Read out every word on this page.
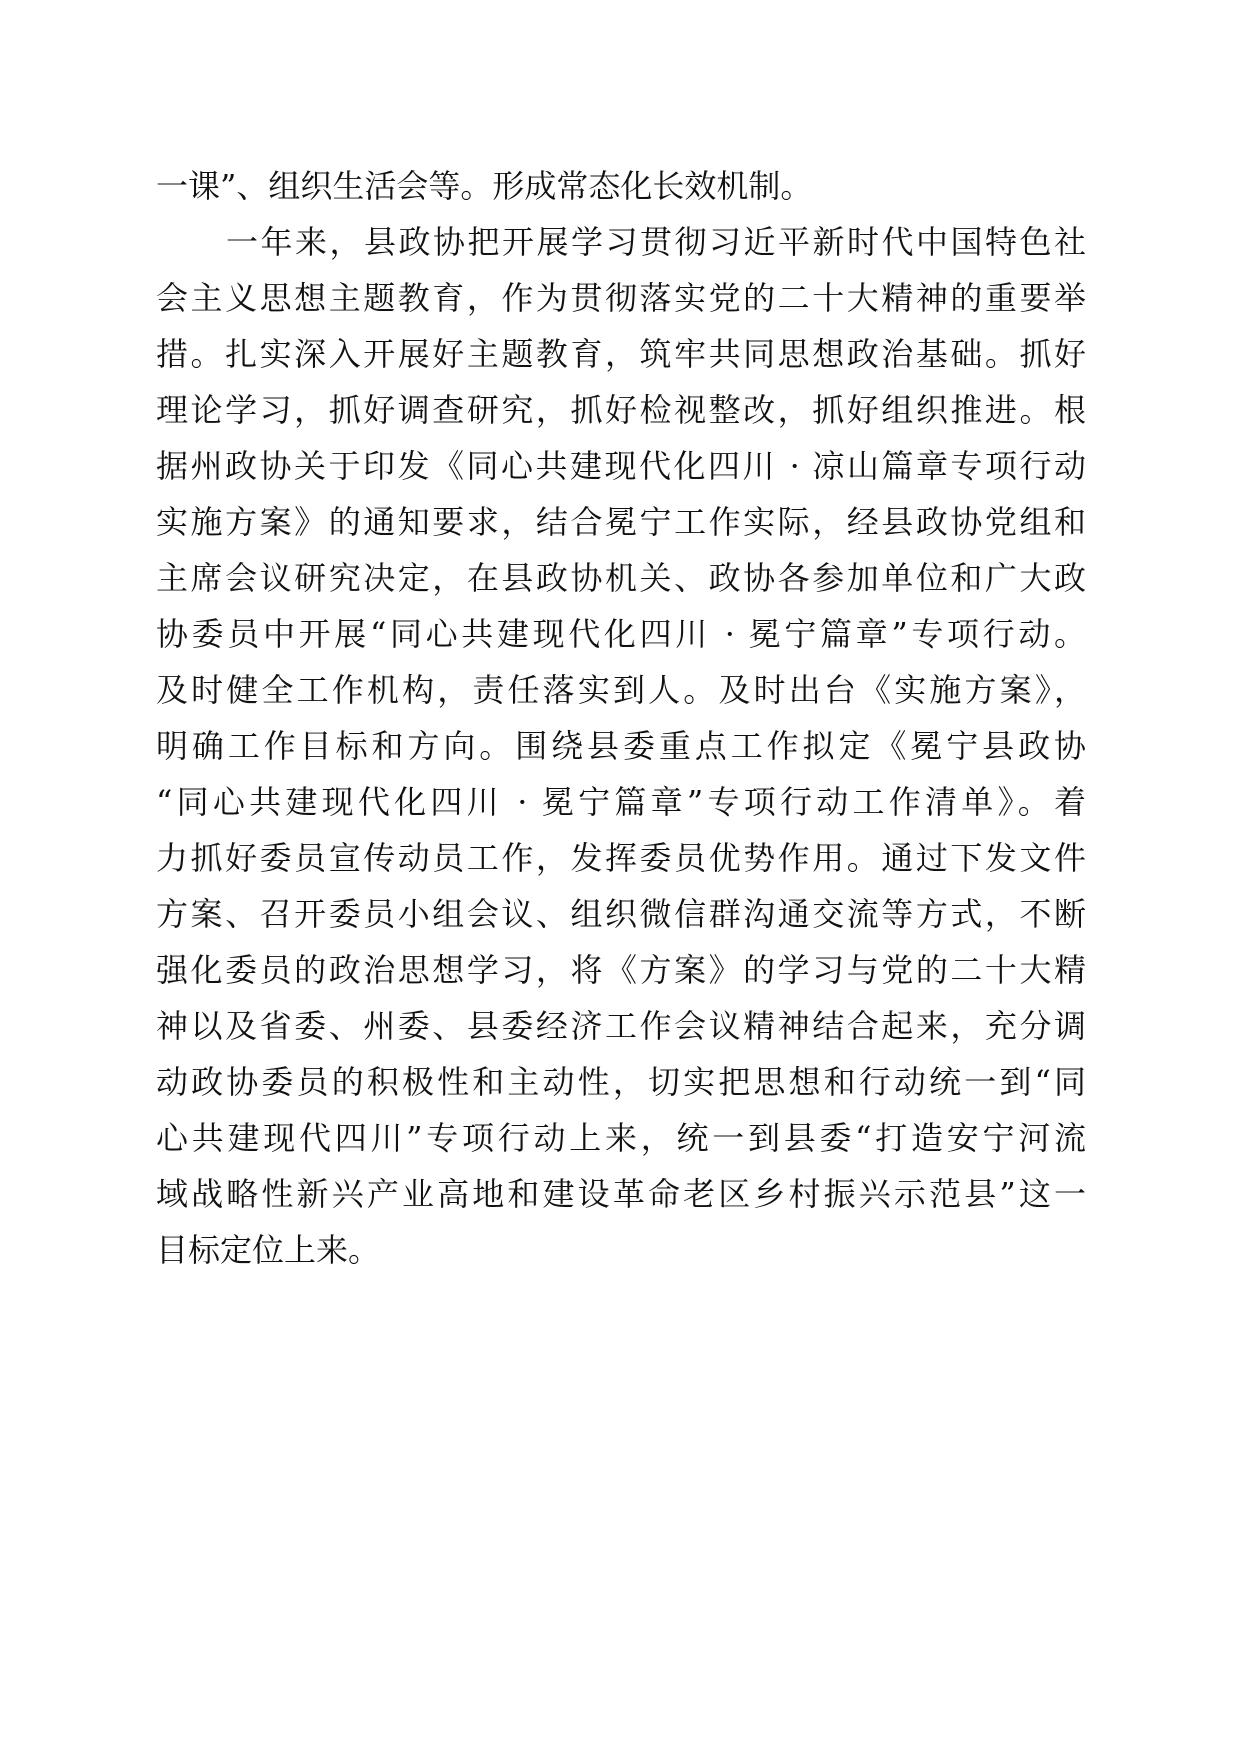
一课”、组织生活会等。形成常态化长效机制。
一年来，县政协把开展学习贯彻习近平新时代中国特色社
会主义思想主题教育，作为贯彻落实党的二十大精神的重要举
措。扎实深入开展好主题教育，筑牢共同思想政治基础。抓好
理论学习，抓好调查研究，抓好检视整改，抓好组织推进。根
据州政协关于印发《同心共建现代化四川 · 凉山篇章专项行动
实施方案》的通知要求，结合冕宁工作实际，经县政协党组和
主席会议研究决定，在县政协机关、政协各参加单位和广大政
协委员中开展“同心共建现代化四川 · 冕宁篇章”专项行动。
及时健全工作机构，责任落实到人。及时出台《实施方案》，
明确工作目标和方向。围绕县委重点工作拟定《冕宁县政协
“同心共建现代化四川 · 冕宁篇章”专项行动工作清单》。着
力抓好委员宣传动员工作，发挥委员优势作用。通过下发文件
方案、召开委员小组会议、组织微信群沟通交流等方式，不断
强化委员的政治思想学习，将《方案》的学习与党的二十大精
神以及省委、州委、县委经济工作会议精神结合起来，充分调
动政协委员的积极性和主动性，切实把思想和行动统一到“同
心共建现代四川”专项行动上来，统一到县委“打造安宁河流
域战略性新兴产业高地和建设革命老区乡村振兴示范县”这一
目标定位上来。
